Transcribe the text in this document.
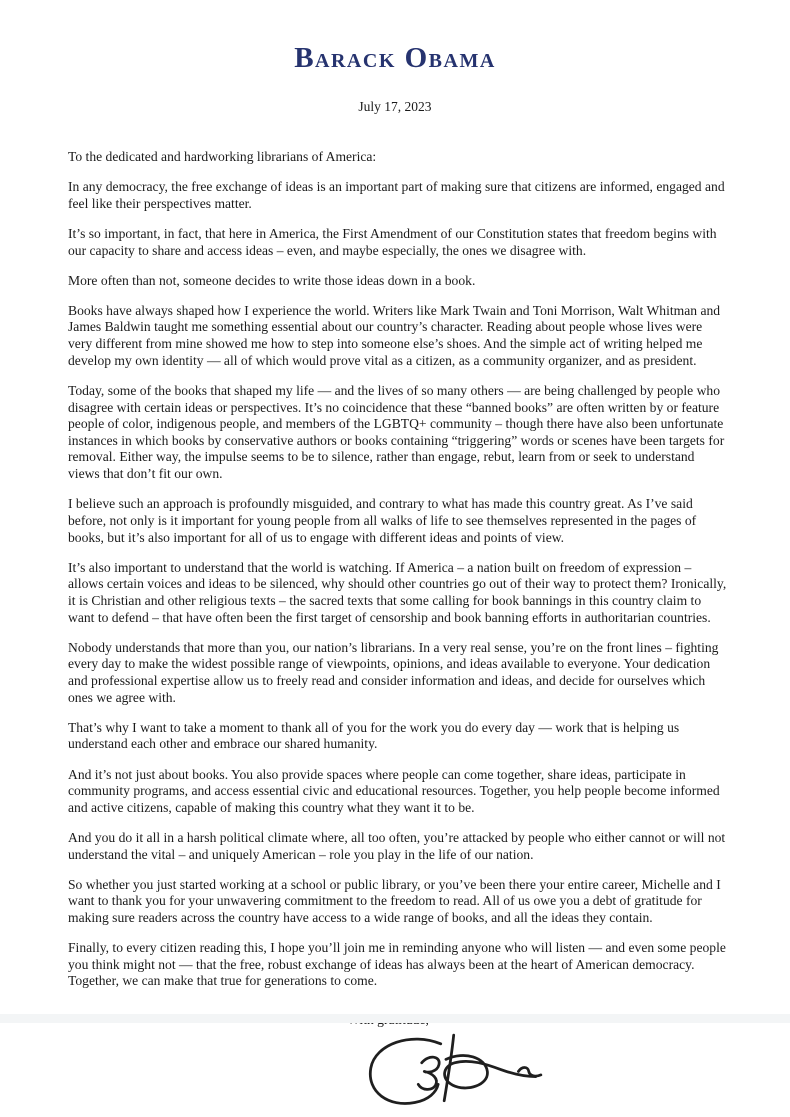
Barack Obama
July 17, 2023

To the dedicated and hardworking librarians of America:

In any democracy, the free exchange of ideas is an important part of making sure that citizens are informed, engaged and feel like their perspectives matter.

It’s so important, in fact, that here in America, the First Amendment of our Constitution states that freedom begins with our capacity to share and access ideas – even, and maybe especially, the ones we disagree with.

More often than not, someone decides to write those ideas down in a book.

Books have always shaped how I experience the world. Writers like Mark Twain and Toni Morrison, Walt Whitman and James Baldwin taught me something essential about our country’s character. Reading about people whose lives were very different from mine showed me how to step into someone else’s shoes. And the simple act of writing helped me develop my own identity — all of which would prove vital as a citizen, as a community organizer, and as president.

Today, some of the books that shaped my life — and the lives of so many others — are being challenged by people who disagree with certain ideas or perspectives. It’s no coincidence that these “banned books” are often written by or feature people of color, indigenous people, and members of the LGBTQ+ community – though there have also been unfortunate instances in which books by conservative authors or books containing “triggering” words or scenes have been targets for removal. Either way, the impulse seems to be to silence, rather than engage, rebut, learn from or seek to understand views that don’t fit our own.

I believe such an approach is profoundly misguided, and contrary to what has made this country great. As I’ve said before, not only is it important for young people from all walks of life to see themselves represented in the pages of books, but it’s also important for all of us to engage with different ideas and points of view.

It’s also important to understand that the world is watching. If America – a nation built on freedom of expression – allows certain voices and ideas to be silenced, why should other countries go out of their way to protect them? Ironically, it is Christian and other religious texts – the sacred texts that some calling for book bannings in this country claim to want to defend – that have often been the first target of censorship and book banning efforts in authoritarian countries.

Nobody understands that more than you, our nation’s librarians. In a very real sense, you’re on the front lines – fighting every day to make the widest possible range of viewpoints, opinions, and ideas available to everyone. Your dedication and professional expertise allow us to freely read and consider information and ideas, and decide for ourselves which ones we agree with.

That’s why I want to take a moment to thank all of you for the work you do every day — work that is helping us understand each other and embrace our shared humanity.

And it’s not just about books. You also provide spaces where people can come together, share ideas, participate in community programs, and access essential civic and educational resources. Together, you help people become informed and active citizens, capable of making this country what they want it to be.

And you do it all in a harsh political climate where, all too often, you’re attacked by people who either cannot or will not understand the vital – and uniquely American – role you play in the life of our nation.

So whether you just started working at a school or public library, or you’ve been there your entire career, Michelle and I want to thank you for your unwavering commitment to the freedom to read. All of us owe you a debt of gratitude for making sure readers across the country have access to a wide range of books, and all the ideas they contain.

Finally, to every citizen reading this, I hope you’ll join me in reminding anyone who will listen — and even some people you think might not — that the free, robust exchange of ideas has always been at the heart of American democracy. Together, we can make that true for generations to come.
